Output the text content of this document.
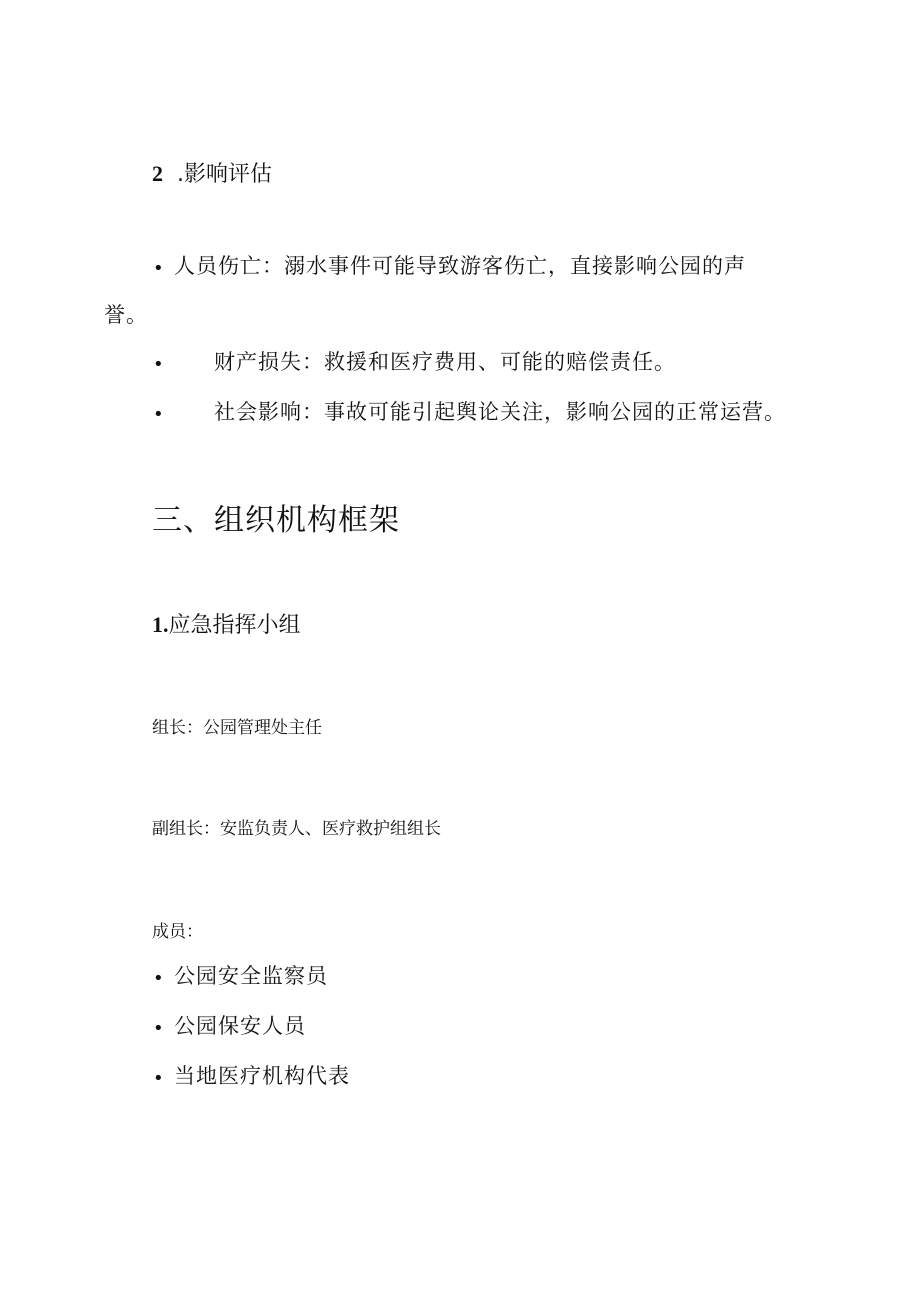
2 .影响评估
• 人员伤亡：溺水事件可能导致游客伤亡，直接影响公园的声
誉。
• 财产损失：救援和医疗费用、可能的赔偿责任。
• 社会影响：事故可能引起舆论关注，影响公园的正常运营。
三、组织机构框架
1.应急指挥小组
组长：公园管理处主任
副组长：安监负责人、医疗救护组组长
成员：
• 公园安全监察员
• 公园保安人员
• 当地医疗机构代表
